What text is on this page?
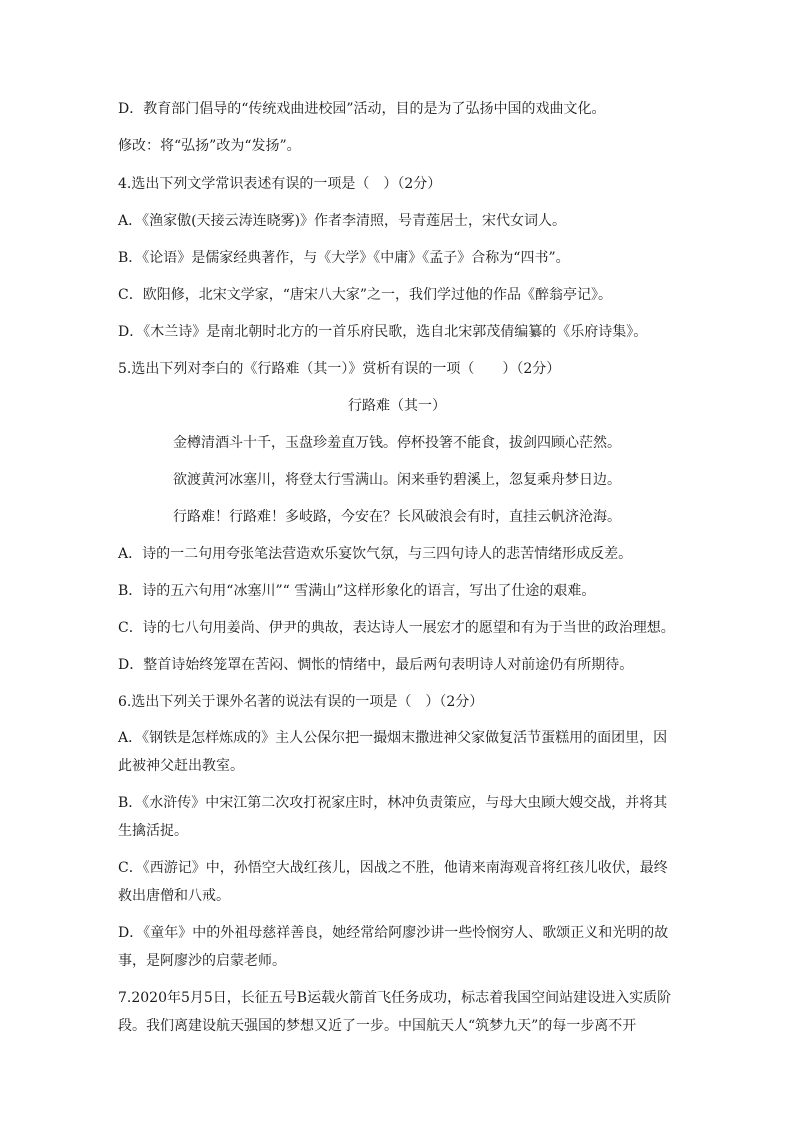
D．教育部门倡导的“传统戏曲进校园”活动，目的是为了弘扬中国的戏曲文化。
修改：将“弘扬”改为“发扬”。
4.选出下列文学常识表述有误的一项是（　）（2分）
A．《渔家傲(天接云涛连晓雾)》作者李清照，号青莲居士，宋代女词人。
B．《论语》是儒家经典著作，与《大学》《中庸》《孟子》合称为“四书”。
C．欧阳修，北宋文学家，“唐宋八大家”之一，我们学过他的作品《醉翁亭记》。
D．《木兰诗》是南北朝时北方的一首乐府民歌，选自北宋郭茂倩编纂的《乐府诗集》。
5.选出下列对李白的《行路难（其一）》赏析有误的一项（　　）（2分）
行路难（其一）
金樽清酒斗十千，玉盘珍羞直万钱。停杯投箸不能食，拔剑四顾心茫然。
欲渡黄河冰塞川，将登太行雪满山。闲来垂钓碧溪上，忽复乘舟梦日边。
行路难！行路难！多岐路，今安在？长风破浪会有时，直挂云帆济沧海。
A．诗的一二句用夸张笔法营造欢乐宴饮气氛，与三四句诗人的悲苦情绪形成反差。
B．诗的五六句用“冰塞川”“ 雪满山”这样形象化的语言，写出了仕途的艰难。
C．诗的七八句用姜尚、伊尹的典故，表达诗人一展宏才的愿望和有为于当世的政治理想。
D．整首诗始终笼罩在苦闷、惆怅的情绪中，最后两句表明诗人对前途仍有所期待。
6.选出下列关于课外名著的说法有误的一项是（　）（2分）
A．《钢铁是怎样炼成的》主人公保尔把一撮烟末撒进神父家做复活节蛋糕用的面团里，因此被神父赶出教室。
B．《水浒传》中宋江第二次攻打祝家庄时，林冲负责策应，与母大虫顾大嫂交战，并将其生擒活捉。
C．《西游记》中，孙悟空大战红孩儿，因战之不胜，他请来南海观音将红孩儿收伏，最终救出唐僧和八戒。
D．《童年》中的外祖母慈祥善良，她经常给阿廖沙讲一些怜悯穷人、歌颂正义和光明的故事，是阿廖沙的启蒙老师。
7.2020年5月5日，长征五号B运载火箭首飞任务成功，标志着我国空间站建设进入实质阶段。我们离建设航天强国的梦想又近了一步。中国航天人“筑梦九天”的每一步离不开
